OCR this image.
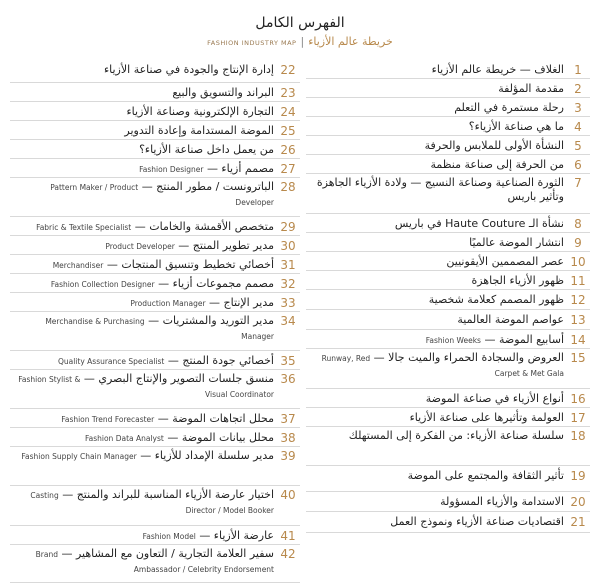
الفهرس الكامل
خريطة عالم الأزياء|FASHION INDUSTRY MAP
22
إدارة الإنتاج والجودة في صناعة الأزياء
23
البراند والتسويق والبيع
24
التجارة الإلكترونية وصناعة الأزياء
25
الموضة المستدامة وإعادة التدوير
26
من يعمل داخل صناعة الأزياء؟
27
مصمم أزياء — Fashion Designer
28
الباترونست / مطور المنتج — Pattern Maker / Product Developer
29
متخصص الأقمشة والخامات — Fabric & Textile Specialist
30
مدير تطوير المنتج — Product Developer
31
أخصائي تخطيط وتنسيق المنتجات — Merchandiser
32
مصمم مجموعات أزياء — Fashion Collection Designer
33
مدير الإنتاج — Production Manager
34
مدير التوريد والمشتريات — Merchandise & Purchasing Manager
35
أخصائي جودة المنتج — Quality Assurance Specialist
36
منسق جلسات التصوير والإنتاج البصري — Fashion Stylist & Visual Coordinator
37
محلل اتجاهات الموضة — Fashion Trend Forecaster
38
محلل بيانات الموضة — Fashion Data Analyst
39
مدير سلسلة الإمداد للأزياء — Fashion Supply Chain Manager
40
اختيار عارضة الأزياء المناسبة للبراند والمنتج — Casting Director / Model Booker
41
عارضة الأزياء — Fashion Model
42
سفير العلامة التجارية / التعاون مع المشاهير — Brand Ambassador / Celebrity Endorsement
1
الغلاف — خريطة عالم الأزياء
2
مقدمة المؤلفة
3
رحلة مستمرة في التعلم
4
ما هي صناعة الأزياء؟
5
النشأة الأولى للملابس والحرفة
6
من الحرفة إلى صناعة منظمة
7
الثورة الصناعية وصناعة النسيج — ولادة الأزياء الجاهزة وتأثير باريس
8
نشأة الـ Haute Couture في باريس
9
انتشار الموضة عالميًا
10
عصر المصممين الأيقونيين
11
ظهور الأزياء الجاهزة
12
ظهور المصمم كعلامة شخصية
13
عواصم الموضة العالمية
14
أسابيع الموضة — Fashion Weeks
15
العروض والسجادة الحمراء والميت جالا — Runway, Red Carpet & Met Gala
16
أنواع الأزياء في صناعة الموضة
17
العولمة وتأثيرها على صناعة الأزياء
18
سلسلة صناعة الأزياء: من الفكرة إلى المستهلك
19
تأثير الثقافة والمجتمع على الموضة
20
الاستدامة والأزياء المسؤولة
21
اقتصاديات صناعة الأزياء ونموذج العمل
